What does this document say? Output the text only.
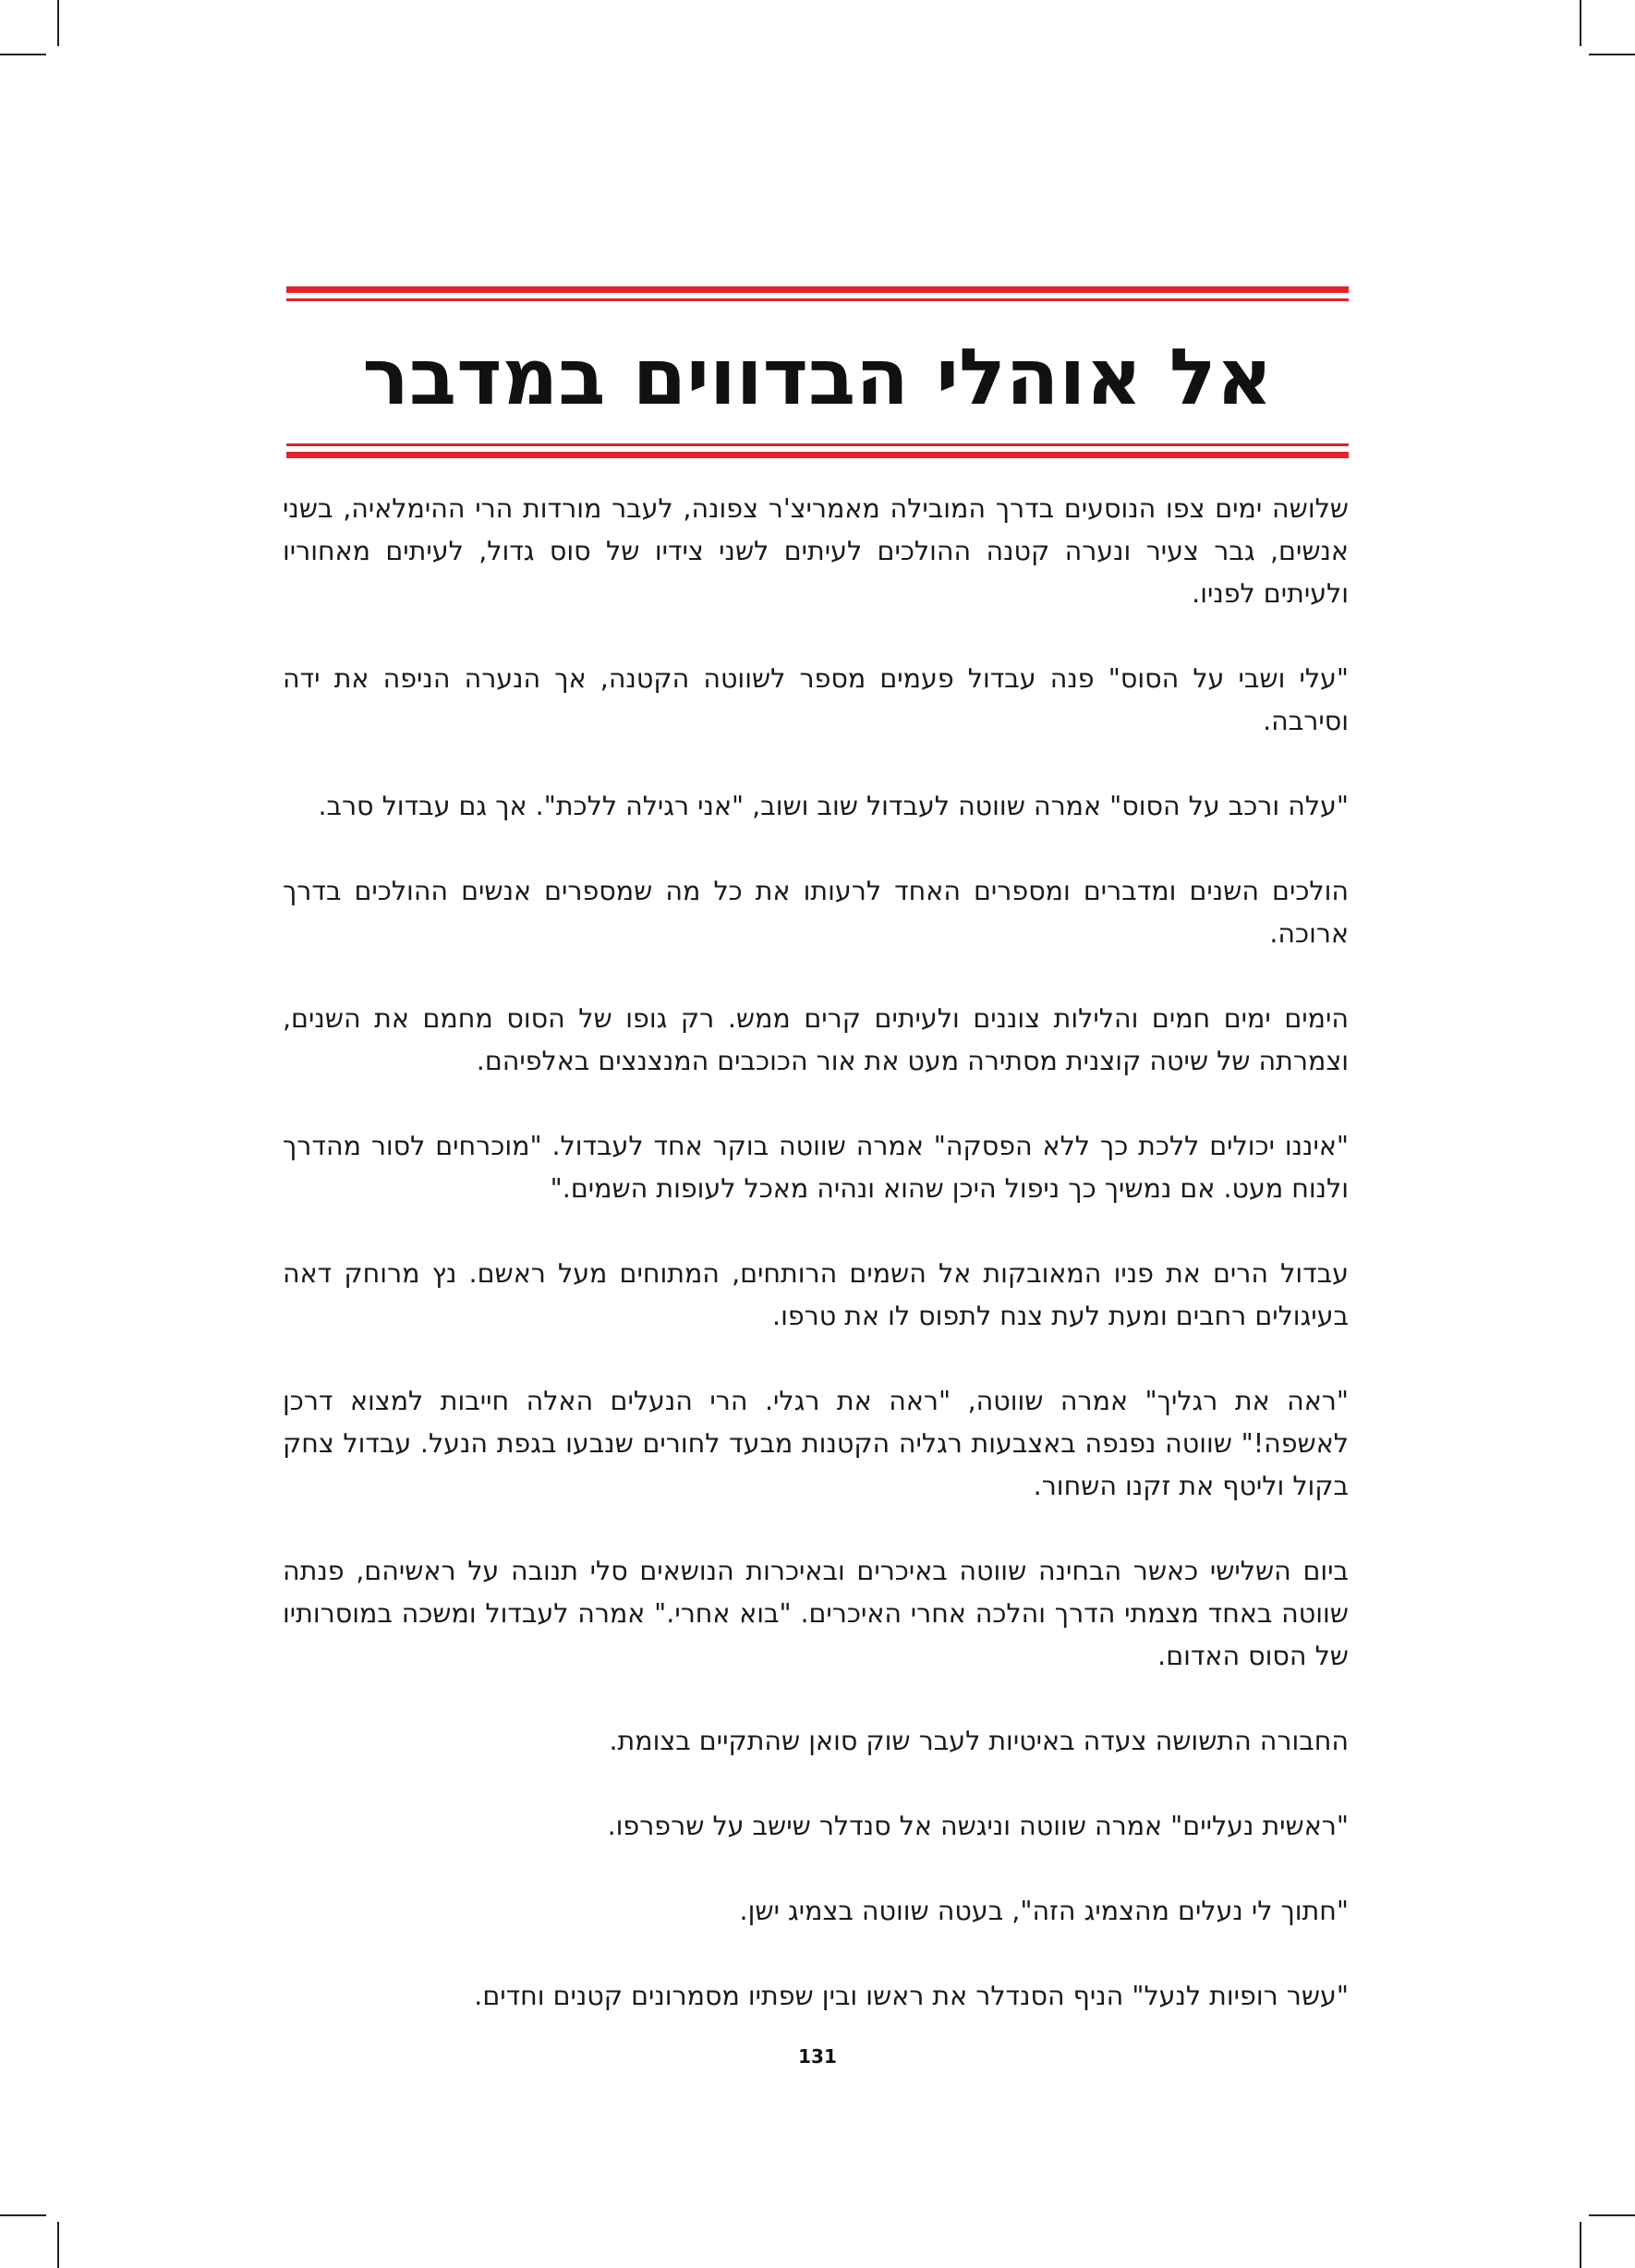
אל אוהלי הבדווים במדבר

שלושה ימים צפו הנוסעים בדרך המובילה מאמריצ'ר צפונה, לעבר מורדות הרי ההימלאיה, בשני אנשים, גבר צעיר ונערה קטנה ההולכים לעיתים לשני צידיו של סוס גדול, לעיתים מאחוריו ולעיתים לפניו.

"עלי ושבי על הסוס" פנה עבדול פעמים מספר לשווטה הקטנה, אך הנערה הניפה את ידה וסירבה.

"עלה ורכב על הסוס" אמרה שווטה לעבדול שוב ושוב, "אני רגילה ללכת". אך גם עבדול סרב.

הולכים השנים ומדברים ומספרים האחד לרעותו את כל מה שמספרים אנשים ההולכים בדרך ארוכה.

הימים ימים חמים והלילות צוננים ולעיתים קרים ממש. רק גופו של הסוס מחמם את השנים, וצמרתה של שיטה קוצנית מסתירה מעט את אור הכוכבים המנצנצים באלפיהם.

"איננו יכולים ללכת כך ללא הפסקה" אמרה שווטה בוקר אחד לעבדול. "מוכרחים לסור מהדרך ולנוח מעט. אם נמשיך כך ניפול היכן שהוא ונהיה מאכל לעופות השמים."

עבדול הרים את פניו המאובקות אל השמים הרותחים, המתוחים מעל ראשם. נץ מרוחק דאה בעיגולים רחבים ומעת לעת צנח לתפוס לו את טרפו.

"ראה את רגליך" אמרה שווטה, "ראה את רגלי. הרי הנעלים האלה חייבות למצוא דרכן לאשפה!" שווטה נפנפה באצבעות רגליה הקטנות מבעד לחורים שנבעו בגפת הנעל. עבדול צחק בקול וליטף את זקנו השחור.

ביום השלישי כאשר הבחינה שווטה באיכרים ובאיכרות הנושאים סלי תנובה על ראשיהם, פנתה שווטה באחד מצמתי הדרך והלכה אחרי האיכרים. "בוא אחרי." אמרה לעבדול ומשכה במוסרותיו של הסוס האדום.

החבורה התשושה צעדה באיטיות לעבר שוק סואן שהתקיים בצומת.

"ראשית נעליים" אמרה שווטה וניגשה אל סנדלר שישב על שרפרפו.

"חתוך לי נעלים מהצמיג הזה", בעטה שווטה בצמיג ישן.

"עשר רופיות לנעל" הניף הסנדלר את ראשו ובין שפתיו מסמרונים קטנים וחדים.

131
